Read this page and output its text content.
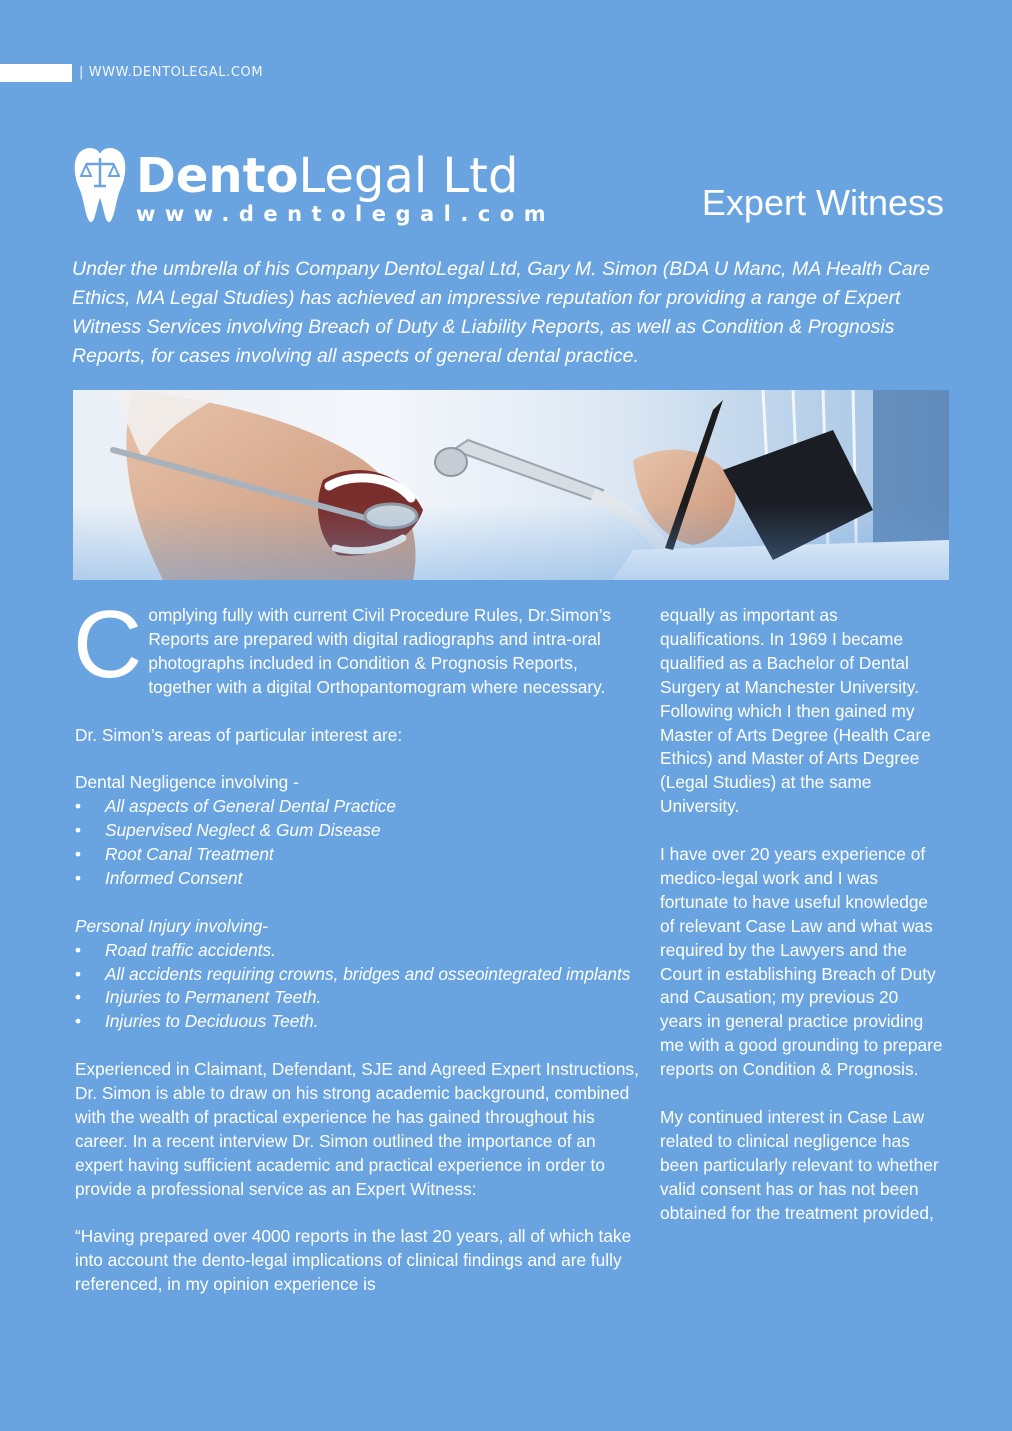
| WWW.DENTOLEGAL.COM
DentoLegal Ltd
www.dentolegal.com	Expert Witness
Under the umbrella of his Company DentoLegal Ltd, Gary M. Simon (BDA U Manc, MA Health Care Ethics, MA Legal Studies) has achieved an impressive reputation for providing a range of Expert Witness Services involving Breach of Duty & Liability Reports, as well as Condition & Prognosis Reports, for cases involving all aspects of general dental practice.

Complying fully with current Civil Procedure Rules, Dr.Simon’s Reports are prepared with digital radiographs and intra-oral photographs included in Condition & Prognosis Reports, together with a digital Orthopantomogram where necessary.

Dr. Simon’s areas of particular interest are:

Dental Negligence involving -
• All aspects of General Dental Practice
• Supervised Neglect & Gum Disease
• Root Canal Treatment
• Informed Consent
Personal Injury involving-
• Road traffic accidents.
• All accidents requiring crowns, bridges and osseointegrated implants
• Injuries to Permanent Teeth.
• Injuries to Deciduous Teeth.

Experienced in Claimant, Defendant, SJE and Agreed Expert Instructions, Dr. Simon is able to draw on his strong academic background, combined with the wealth of practical experience he has gained throughout his career. In a recent interview Dr. Simon outlined the importance of an expert having sufficient academic and practical experience in order to provide a professional service as an Expert Witness:

“Having prepared over 4000 reports in the last 20 years, all of which take into account the dento-legal implications of clinical findings and are fully referenced, in my opinion experience is

equally as important as qualifications. In 1969 I became qualified as a Bachelor of Dental Surgery at Manchester University. Following which I then gained my Master of Arts Degree (Health Care Ethics) and Master of Arts Degree (Legal Studies) at the same University.

I have over 20 years experience of medico-legal work and I was fortunate to have useful knowledge of relevant Case Law and what was required by the Lawyers and the Court in establishing Breach of Duty and Causation; my previous 20 years in general practice providing me with a good grounding to prepare reports on Condition & Prognosis.

My continued interest in Case Law related to clinical negligence has been particularly relevant to whether valid consent has or has not been obtained for the treatment provided,
